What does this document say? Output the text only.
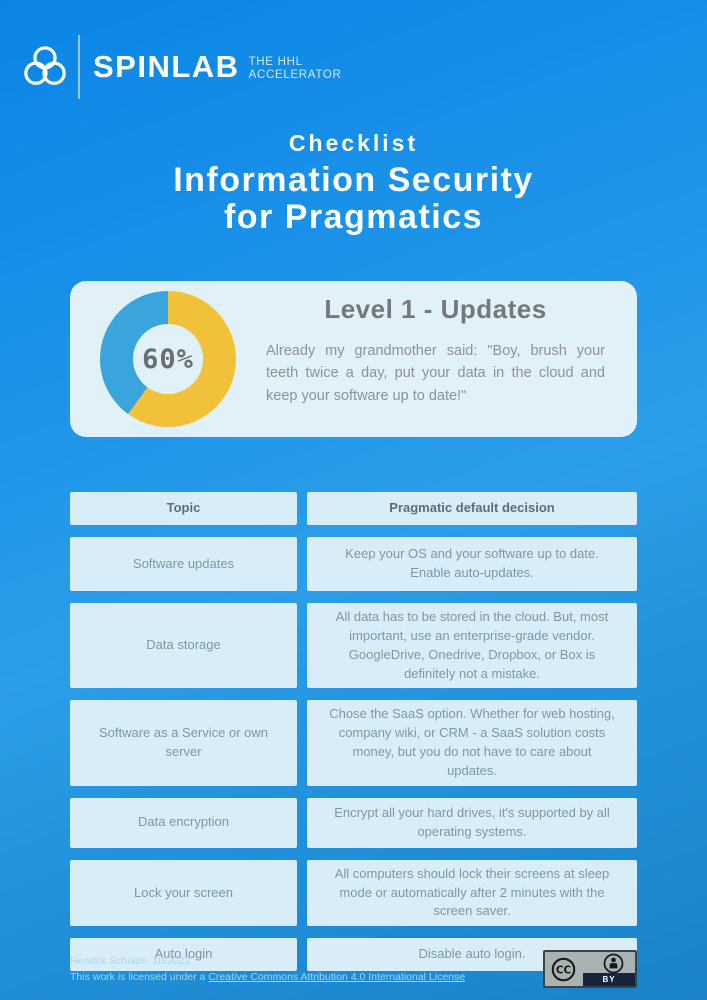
SPINLAB THE HHL
ACCELERATOR
Checklist
Information Security
for Pragmatics
60%
Level 1 - Updates

Already my grandmother said: "Boy, brush your teeth twice a day, put your data in the cloud and keep your software up to date!"

Topic	Pragmatic default decision
Software updates
Keep your OS and your software up to date. Enable auto-updates.
Data storage
All data has to be stored in the cloud. But, most important, use an enterprise-grade vendor. GoogleDrive, Onedrive, Dropbox, or Box is definitely not a mistake.
Software as a Service or own server
Chose the SaaS option. Whether for web hosting, company wiki, or CRM - a SaaS solution costs money, but you do not have to care about updates.
Data encryption
Encrypt all your hard drives, it's supported by all operating systems.
Lock your screen
All computers should lock their screens at sleep mode or automatically after 2 minutes with the screen saver.
Auto login	Disable auto login.
Hendrik Schulze, 10/2022
This work is licensed under a Creative Commons Attribution 4.0 International License
CC
BY
